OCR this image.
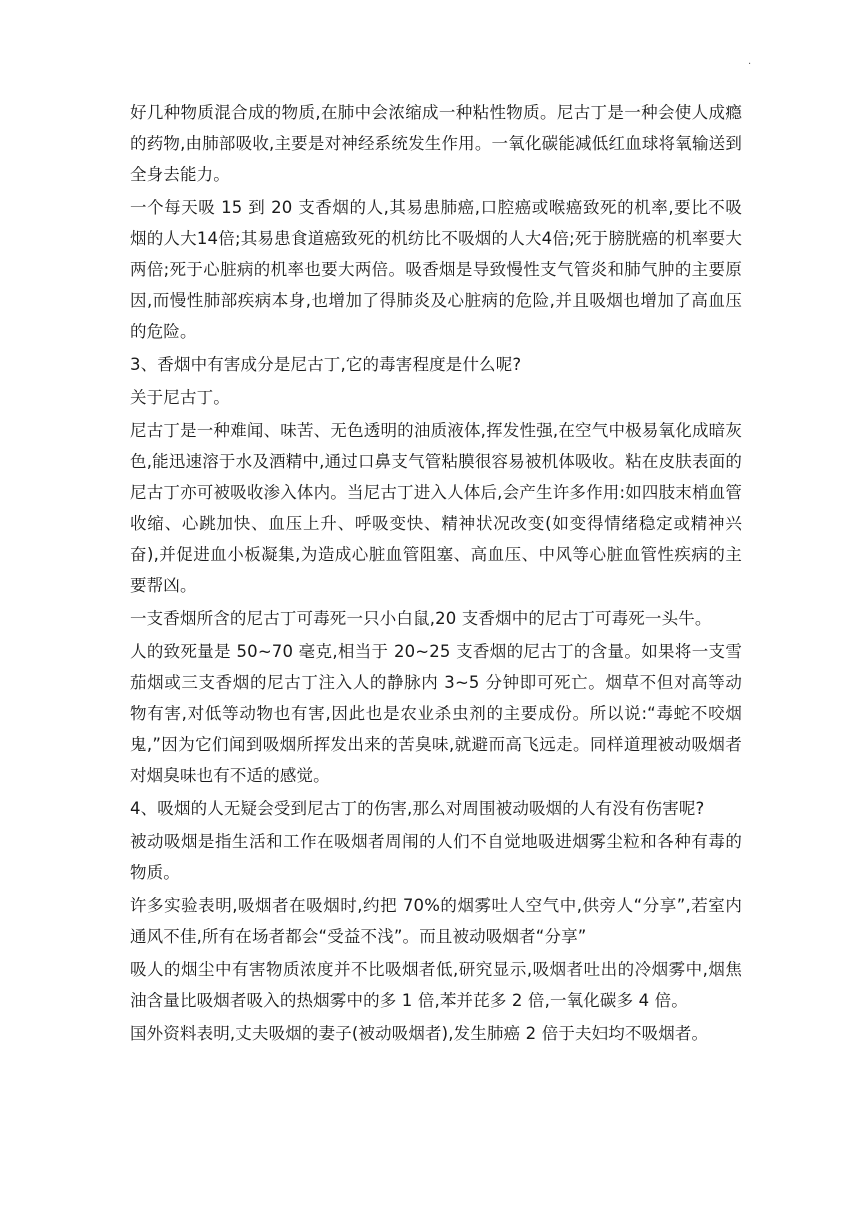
.

好几种物质混合成的物质,在肺中会浓缩成一种粘性物质。尼古丁是一种会使人成瘾的药物,由肺部吸收,主要是对神经系统发生作用。一氧化碳能减低红血球将氧输送到全身去能力。

一个每天吸 15 到 20 支香烟的人,其易患肺癌,口腔癌或喉癌致死的机率,要比不吸烟的人大14倍;其易患食道癌致死的机纺比不吸烟的人大4倍;死于膀胱癌的机率要大两倍;死于心脏病的机率也要大两倍。吸香烟是导致慢性支气管炎和肺气肿的主要原因,而慢性肺部疾病本身,也增加了得肺炎及心脏病的危险,并且吸烟也增加了高血压的危险。

3、香烟中有害成分是尼古丁,它的毒害程度是什么呢?

关于尼古丁。

尼古丁是一种难闻、味苦、无色透明的油质液体,挥发性强,在空气中极易氧化成暗灰色,能迅速溶于水及酒精中,通过口鼻支气管粘膜很容易被机体吸收。粘在皮肤表面的尼古丁亦可被吸收渗入体内。当尼古丁进入人体后,会产生许多作用:如四肢末梢血管收缩、心跳加快、血压上升、呼吸变快、精神状况改变(如变得情绪稳定或精神兴奋),并促进血小板凝集,为造成心脏血管阻塞、高血压、中风等心脏血管性疾病的主要帮凶。

一支香烟所含的尼古丁可毒死一只小白鼠,20 支香烟中的尼古丁可毒死一头牛。

人的致死量是 50~70 毫克,相当于 20~25 支香烟的尼古丁的含量。如果将一支雪茄烟或三支香烟的尼古丁注入人的静脉内 3~5 分钟即可死亡。烟草不但对高等动物有害,对低等动物也有害,因此也是农业杀虫剂的主要成份。所以说:“毒蛇不咬烟鬼,”因为它们闻到吸烟所挥发出来的苦臭味,就避而高飞远走。同样道理被动吸烟者对烟臭味也有不适的感觉。

4、吸烟的人无疑会受到尼古丁的伤害,那么对周围被动吸烟的人有没有伤害呢?

被动吸烟是指生活和工作在吸烟者周闱的人们不自觉地吸进烟雾尘粒和各种有毒的物质。

许多实验表明,吸烟者在吸烟时,约把 70%的烟雾吐人空气中,供旁人“分享”,若室内通风不佳,所有在场者都会“受益不浅”。而且被动吸烟者“分享”

吸人的烟尘中有害物质浓度并不比吸烟者低,研究显示,吸烟者吐出的冷烟雾中,烟焦油含量比吸烟者吸入的热烟雾中的多 1 倍,苯并芘多 2 倍,一氧化碳多 4 倍。

国外资料表明,丈夫吸烟的妻子(被动吸烟者),发生肺癌 2 倍于夫妇均不吸烟者。
